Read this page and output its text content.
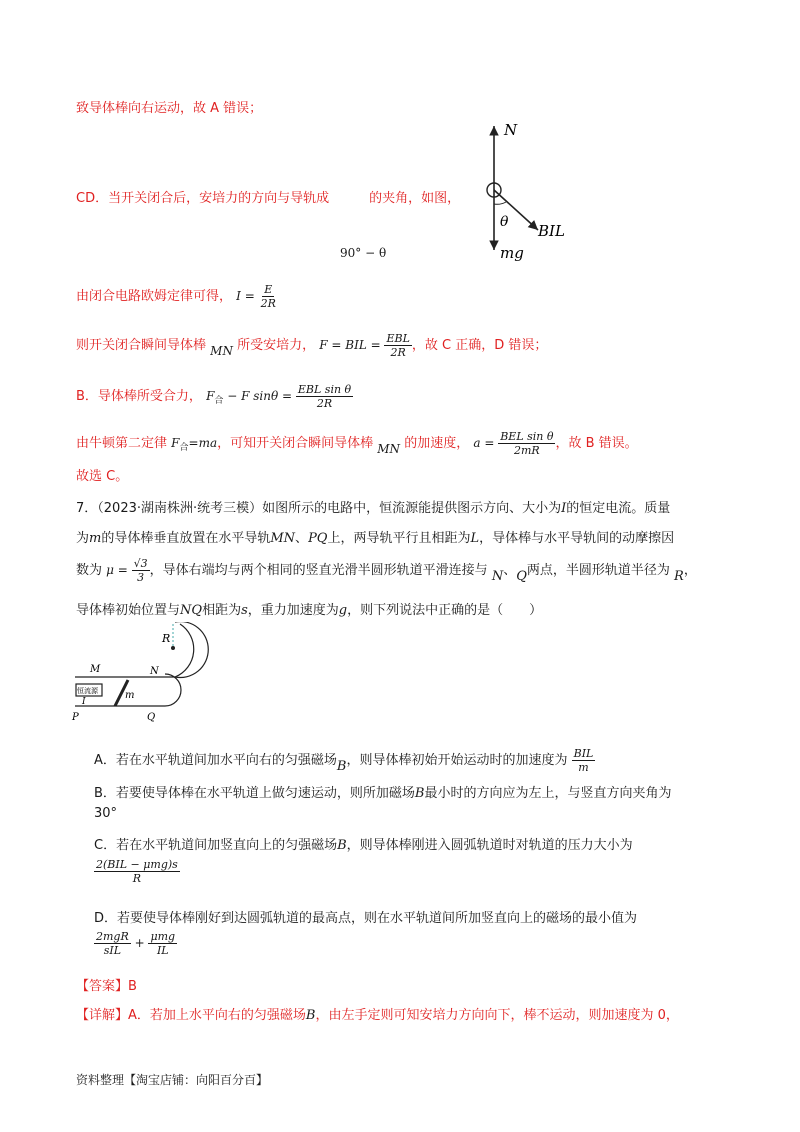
致导体棒向右运动，故 A 错误；
N
θ BIL
mg
CD．当开关闭合后，安培力的方向与导轨成	的夹角，如图，
90° − θ
由闭合电路欧姆定律可得， $I = \frac{E}{2R}$
则开关闭合瞬间导体棒 MN 所受安培力， F = BIL = $\frac{\text{EBL}}{2R}$ ，故 C 正确，D 错误；
B．导体棒所受合力， $F_合 - F$ $\sin\theta = \frac{\text{EBL sin θ}}{2R}$
由牛顿第二定律 $F_合=ma$，可知开关闭合瞬间导体棒 MN 的加速度， $a = \frac{\text{BEL sin θ}}{2mR}$ ，故 B 错误。
故选 C。
7．（2023·湖南株洲·统考三模）如图所示的电路中，恒流源能提供图示方向、大小为I的恒定电流。质量
为m的导体棒垂直放置在水平导轨MN、PQ上，两导轨平行且相距为L，导体棒与水平导轨间的动摩擦因
数为 $\mu = \frac{√3}{3}$ ，导体右端均与两个相同的竖直光滑半圆形轨道平滑连接与 N、Q两点，半圆形轨道半径为 R，
导体棒初始位置与NQ相距为s，重力加速度为g，则下列说法中正确的是（　　）
恒流源
R
N
M
I
m
P	Q
A．若在水平轨道间加水平向右的匀强磁场B，则导体棒初始开始运动时的加速度为 $\frac{\text{BIL}}{m}$
B．若要使导体棒在水平轨道上做匀速运动，则所加磁场B最小时的方向应为左上，与竖直方向夹角为
30°
C．若在水平轨道间加竖直向上的匀强磁场B，则导体棒刚进入圆弧轨道时对轨道的压力大小为
$\frac{\text{2(BIL − μmg)s}}{R}$
D．若要使导体棒刚好到达圆弧轨道的最高点，则在水平轨道间所加竖直向上的磁场的最小值为
$\frac{\text{2mgR}}{\text{sIL}} + \frac{\text{μmg}}{IL}$
【答案】B
【详解】A．若加上水平向右的匀强磁场B，由左手定则可知安培力方向向下，棒不运动，则加速度为 0，
资料整理【淘宝店铺：向阳百分百】
